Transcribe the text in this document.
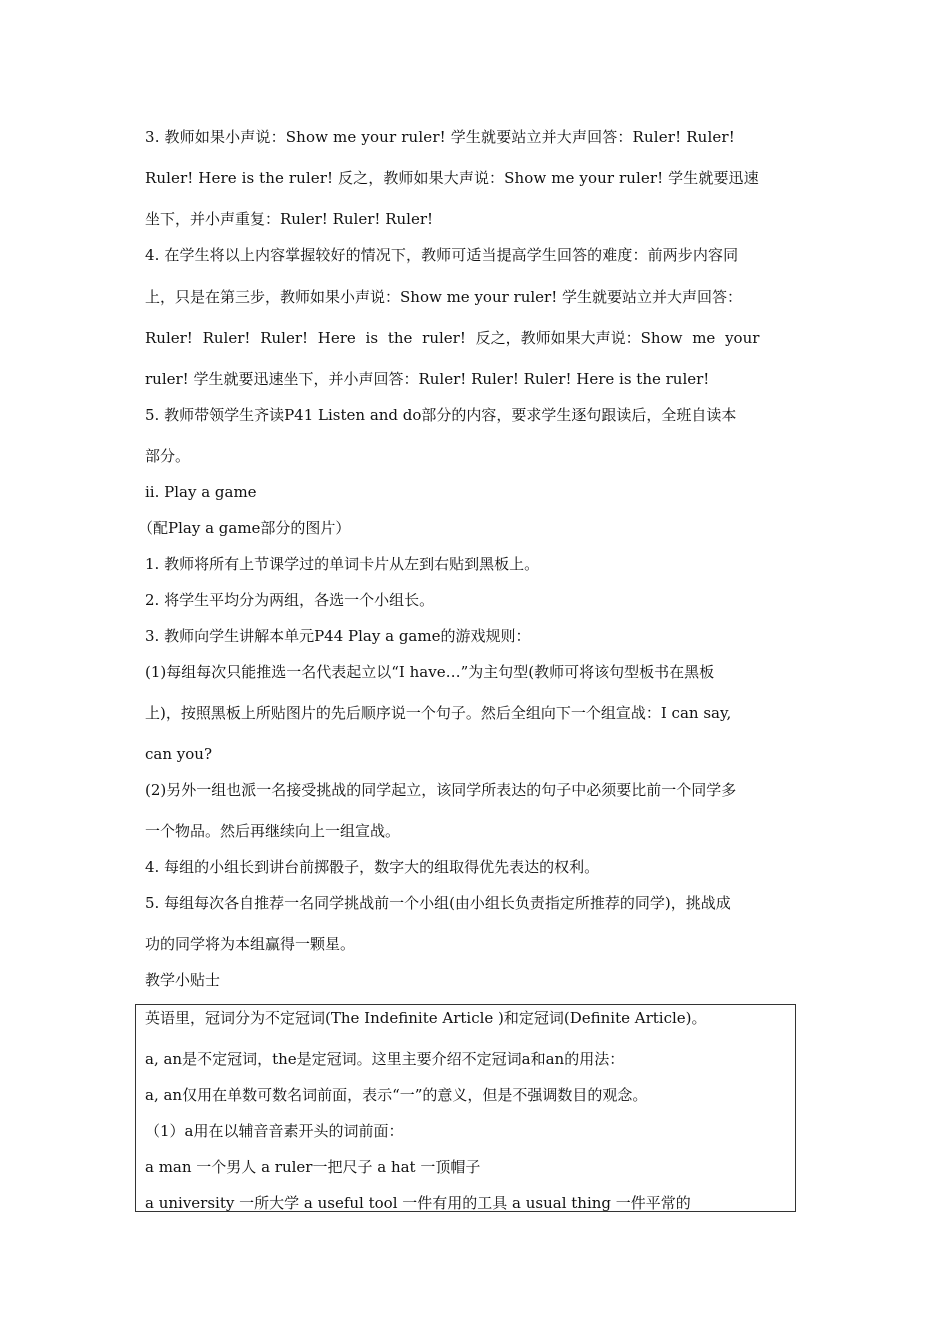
3. 教师如果小声说：Show me your ruler! 学生就要站立并大声回答：Ruler! Ruler!
Ruler! Here is the ruler! 反之，教师如果大声说：Show me your ruler! 学生就要迅速
坐下，并小声重复：Ruler! Ruler! Ruler!
4. 在学生将以上内容掌握较好的情况下，教师可适当提高学生回答的难度：前两步内容同
上，只是在第三步，教师如果小声说：Show me your ruler! 学生就要站立并大声回答：
Ruler! Ruler! Ruler! Here is the ruler! 反之，教师如果大声说：Show me your
ruler! 学生就要迅速坐下，并小声回答：Ruler! Ruler! Ruler! Here is the ruler!
5. 教师带领学生齐读P41 Listen and do部分的内容，要求学生逐句跟读后，全班自读本
部分。
ii. Play a game
（配Play a game部分的图片）
1. 教师将所有上节课学过的单词卡片从左到右贴到黑板上。
2. 将学生平均分为两组，各选一个小组长。
3. 教师向学生讲解本单元P44 Play a game的游戏规则：
(1)每组每次只能推选一名代表起立以“I have…”为主句型(教师可将该句型板书在黑板
上)，按照黑板上所贴图片的先后顺序说一个句子。然后全组向下一个组宣战：I can say,
can you?
(2)另外一组也派一名接受挑战的同学起立，该同学所表达的句子中必须要比前一个同学多
一个物品。然后再继续向上一组宣战。
4. 每组的小组长到讲台前掷骰子，数字大的组取得优先表达的权利。
5. 每组每次各自推荐一名同学挑战前一个小组(由小组长负责指定所推荐的同学)，挑战成
功的同学将为本组赢得一颗星。
教学小贴士
英语里，冠词分为不定冠词(The Indefinite Article )和定冠词(Definite Article)。
a, an是不定冠词，the是定冠词。这里主要介绍不定冠词a和an的用法：
a, an仅用在单数可数名词前面，表示“一”的意义，但是不强调数目的观念。
（1）a用在以辅音音素开头的词前面：
a man 一个男人 a ruler一把尺子 a hat 一顶帽子
a university 一所大学 a useful tool 一件有用的工具 a usual thing 一件平常的
